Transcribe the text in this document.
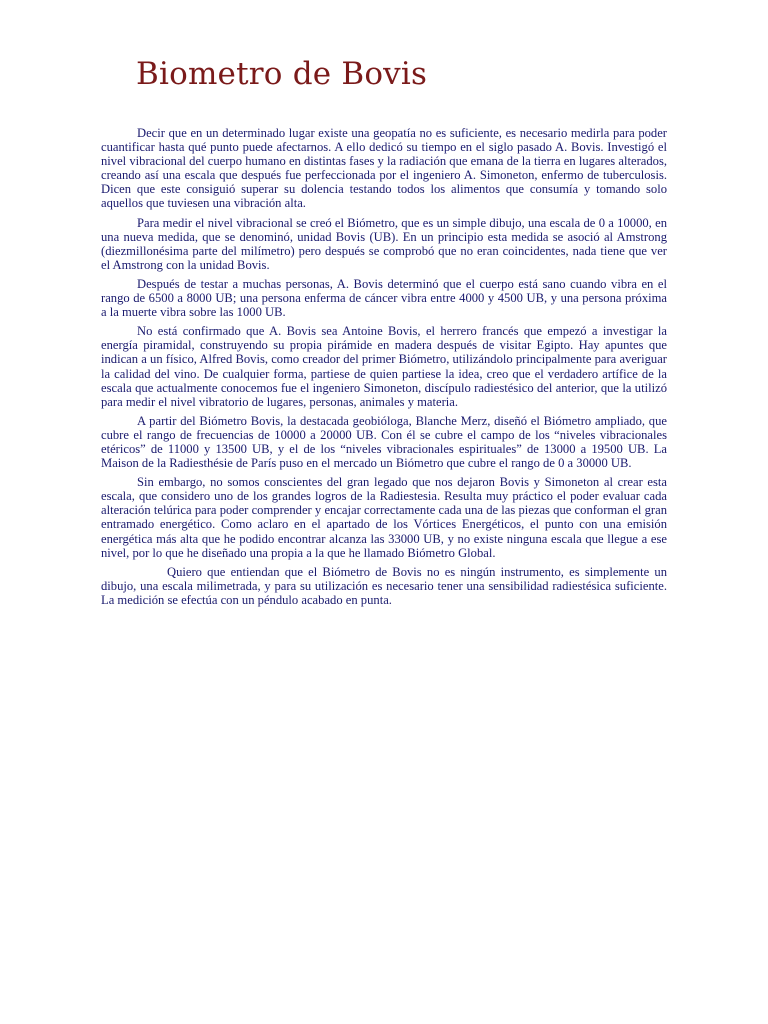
Biometro de Bovis

Decir que en un determinado lugar existe una geopatía no es suficiente, es necesario medirla para poder cuantificar hasta qué punto puede afectarnos. A ello dedicó su tiempo en el siglo pasado A. Bovis. Investigó el nivel vibracional del cuerpo humano en distintas fases y la radiación que emana de la tierra en lugares alterados, creando así una escala que después fue perfeccionada por el ingeniero A. Simoneton, enfermo de tuberculosis. Dicen que este consiguió superar su dolencia testando todos los alimentos que consumía y tomando solo aquellos que tuviesen una vibración alta.

Para medir el nivel vibracional se creó el Biómetro, que es un simple dibujo, una escala de 0 a 10000, en una nueva medida, que se denominó, unidad Bovis (UB). En un principio esta medida se asoció al Amstrong (diezmillonésima parte del milímetro) pero después se comprobó que no eran coincidentes, nada tiene que ver el Amstrong con la unidad Bovis.

Después de testar a muchas personas, A. Bovis determinó que el cuerpo está sano cuando vibra en el rango de 6500 a 8000 UB; una persona enferma de cáncer vibra entre 4000 y 4500 UB, y una persona próxima a la muerte vibra sobre las 1000 UB.

No está confirmado que A. Bovis sea Antoine Bovis, el herrero francés que empezó a investigar la energía piramidal, construyendo su propia pirámide en madera después de visitar Egipto. Hay apuntes que indican a un físico, Alfred Bovis, como creador del primer Biómetro, utilizándolo principalmente para averiguar la calidad del vino. De cualquier forma, partiese de quien partiese la idea, creo que el verdadero artífice de la escala que actualmente conocemos fue el ingeniero Simoneton, discípulo radiestésico del anterior, que la utilizó para medir el nivel vibratorio de lugares, personas, animales y materia.

A partir del Biómetro Bovis, la destacada geobióloga, Blanche Merz, diseñó el Biómetro ampliado, que cubre el rango de frecuencias de 10000 a 20000 UB. Con él se cubre el campo de los “niveles vibracionales etéricos” de 11000 y 13500 UB, y el de los “niveles vibracionales espirituales” de 13000 a 19500 UB. La Maison de la Radiesthésie de París puso en el mercado un Biómetro que cubre el rango de 0 a 30000 UB.

Sin embargo, no somos conscientes del gran legado que nos dejaron Bovis y Simoneton al crear esta escala, que considero uno de los grandes logros de la Radiestesia. Resulta muy práctico el poder evaluar cada alteración telúrica para poder comprender y encajar correctamente cada una de las piezas que conforman el gran entramado energético. Como aclaro en el apartado de los Vórtices Energéticos, el punto con una emisión energética más alta que he podido encontrar alcanza las 33000 UB, y no existe ninguna escala que llegue a ese nivel, por lo que he diseñado una propia a la que he llamado Biómetro Global.

Quiero que entiendan que el Biómetro de Bovis no es ningún instrumento, es simplemente un dibujo, una escala milimetrada, y para su utilización es necesario tener una sensibilidad radiestésica suficiente. La medición se efectúa con un péndulo acabado en punta.
